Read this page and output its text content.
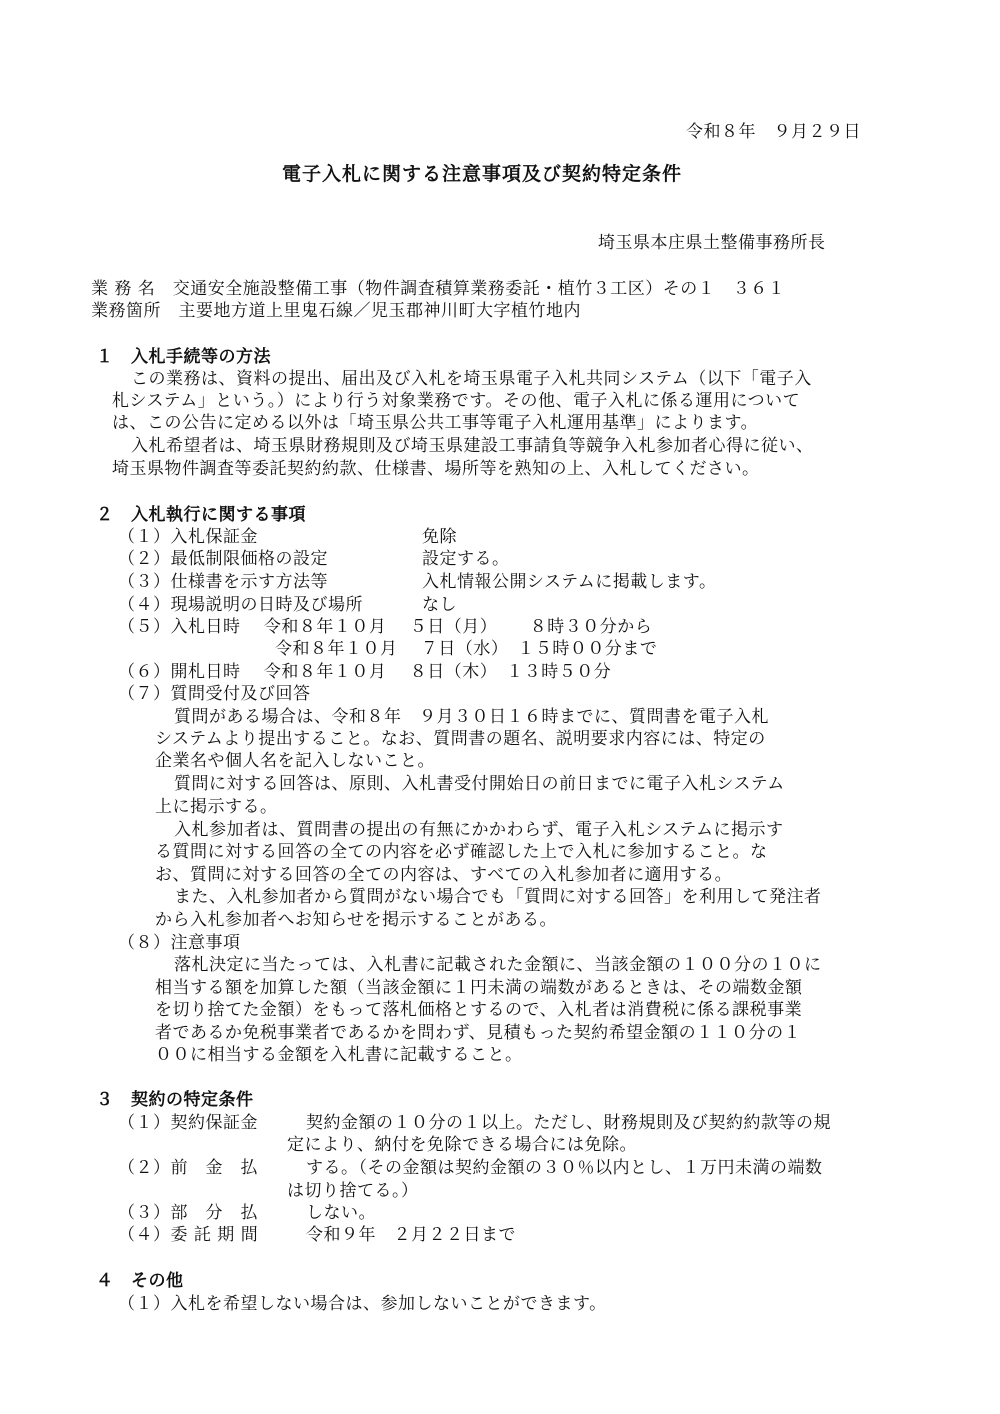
令和８年　９月２９日
電子入札に関する注意事項及び契約特定条件
埼玉県本庄県土整備事務所長
業 務 名　交通安全施設整備工事（物件調査積算業務委託・植竹３工区）その１　３６１
業務箇所　主要地方道上里鬼石線／児玉郡神川町大字植竹地内
１　入札手続等の方法
この業務は、資料の提出、届出及び入札を埼玉県電子入札共同システム（以下「電子入
札システム」という。）により行う対象業務です。その他、電子入札に係る運用について
は、この公告に定める以外は「埼玉県公共工事等電子入札運用基準」によります。
入札希望者は、埼玉県財務規則及び埼玉県建設工事請負等競争入札参加者心得に従い、
埼玉県物件調査等委託契約約款、仕様書、場所等を熟知の上、入札してください。
２　入札執行に関する事項
（１）入札保証金	免除
（２）最低制限価格の設定	設定する。
（３）仕様書を示す方法等	入札情報公開システムに掲載します。
（４）現場説明の日時及び場所	なし
（５）入札日時　 令和８年１０月　 ５日（月）　　 ８時３０分から
令和８年１０月　 ７日（水）　１５時００分まで
（６）開札日時　 令和８年１０月　 ８日（木）　１３時５０分
（７）質問受付及び回答
質問がある場合は、令和８年　９月３０日１６時までに、質問書を電子入札
システムより提出すること。なお、質問書の題名、説明要求内容には、特定の
企業名や個人名を記入しないこと。
質問に対する回答は、原則、入札書受付開始日の前日までに電子入札システム
上に掲示する。
入札参加者は、質問書の提出の有無にかかわらず、電子入札システムに掲示す
る質問に対する回答の全ての内容を必ず確認した上で入札に参加すること。な
お、質問に対する回答の全ての内容は、すべての入札参加者に適用する。
また、入札参加者から質問がない場合でも「質問に対する回答」を利用して発注者
から入札参加者へお知らせを掲示することがある。
（８）注意事項
落札決定に当たっては、入札書に記載された金額に、当該金額の１００分の１０に
相当する額を加算した額（当該金額に１円未満の端数があるときは、その端数金額
を切り捨てた金額）をもって落札価格とするので、入札者は消費税に係る課税事業
者であるか免税事業者であるかを問わず、見積もった契約希望金額の１１０分の１
００に相当する金額を入札書に記載すること。
３　契約の特定条件
（１）契約保証金	契約金額の１０分の１以上。ただし、財務規則及び契約約款等の規
定により、納付を免除できる場合には免除。
（２）前　金　払	する。（その金額は契約金額の３０％以内とし、１万円未満の端数
は切り捨てる。）
（３）部　分　払	しない。
（４）委 託 期 間	令和９年　２月２２日まで
４　その他
（１）入札を希望しない場合は、参加しないことができます。
